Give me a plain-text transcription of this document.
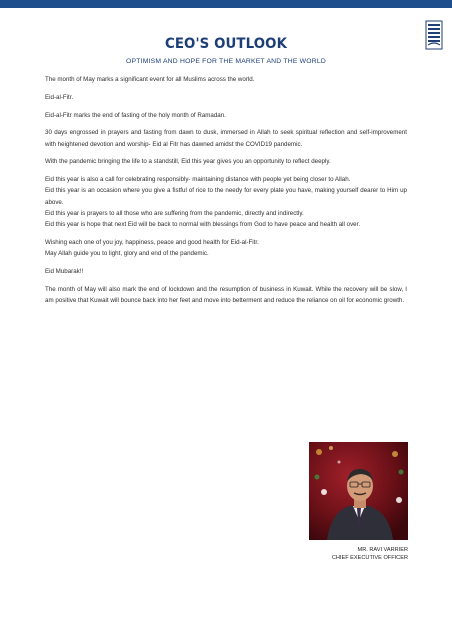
CEO'S OUTLOOK
OPTIMISM AND HOPE FOR THE MARKET AND THE WORLD

The month of May marks a significant event for all Muslims across the world.

Eid-al-Fitr.

Eid-al-Fitr marks the end of fasting of the holy month of Ramadan.

30 days engrossed in prayers and fasting from dawn to dusk, immersed in Allah to seek spiritual reflection and self-improvement with heightened devotion and worship- Eid al Fitr has dawned amidst the COVID19 pandemic.

With the pandemic bringing the life to a standstill, Eid this year gives you an opportunity to reflect deeply.

Eid this year is also a call for celebrating responsibly- maintaining distance with people yet being closer to Allah.

Eid this year is an occasion where you give a fistful of rice to the needy for every plate you have, making yourself dearer to Him up above.

Eid this year is prayers to all those who are suffering from the pandemic, directly and indirectly.

Eid this year is hope that next Eid will be back to normal with blessings from God to have peace and health all over.

Wishing each one of you joy, happiness, peace and good health for Eid-al-Fitr.

May Allah guide you to light, glory and end of the pandemic.

Eid Mubarak!!

The month of May will also mark the end of lockdown and the resumption of business in Kuwait. While the recovery will be slow, I am positive that Kuwait will bounce back into her feet and move into betterment and reduce the reliance on oil for economic growth.

MR. RAVI VARRIER
CHIEF EXECUTIVE OFFICER
